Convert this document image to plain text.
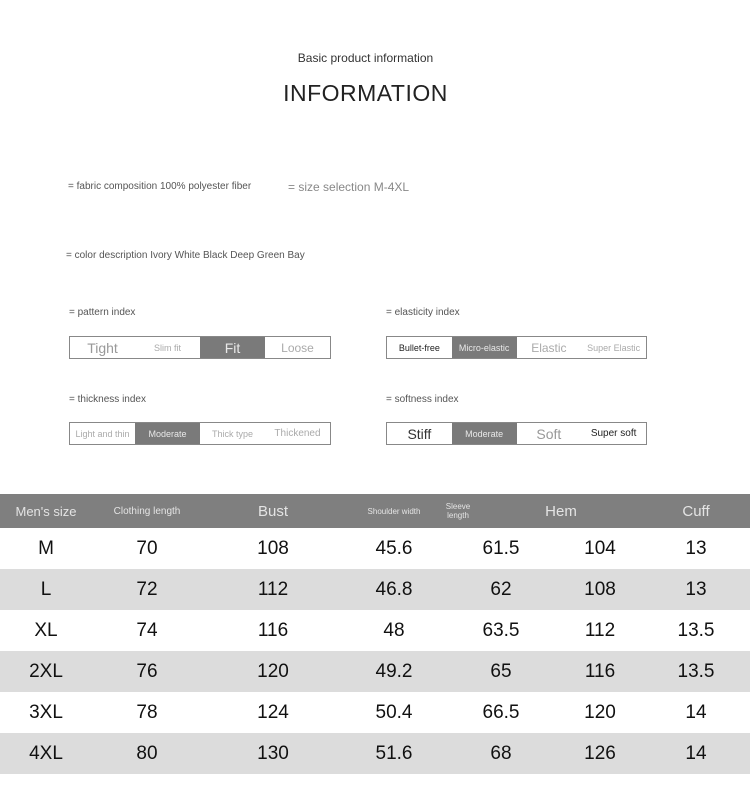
Basic product information
INFORMATION
= fabric composition 100% polyester fiber	= size selection M-4XL
= color description Ivory White Black Deep Green Bay
= pattern index
Tight	Slim fit	Fit	Loose
= elasticity index
Bullet-free	Micro-elastic	Elastic	Super Elastic
= thickness index
Light and thin	Moderate	Thick type	Thickened
= softness index
Stiff	Moderate	Soft	Super soft
Men's size	Clothing length	Bust	Shoulder width	Sleeve length	Hem	Cuff
M	70	108	45.6	61.5	104	13
L	72	112	46.8	62	108	13
XL	74	116	48	63.5	112	13.5
2XL	76	120	49.2	65	116	13.5
3XL	78	124	50.4	66.5	120	14
4XL	80	130	51.6	68	126	14
